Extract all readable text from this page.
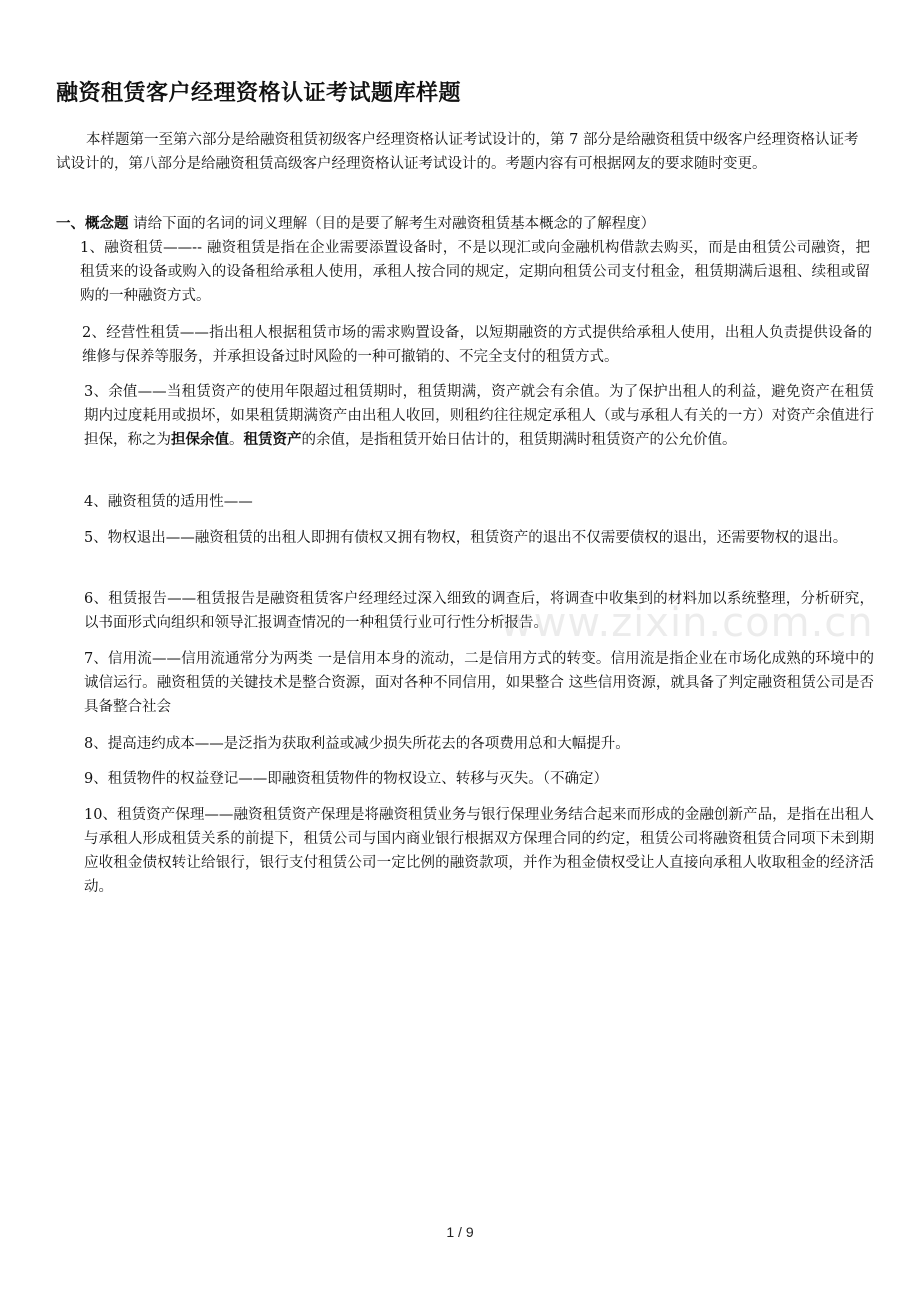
融资租赁客户经理资格认证考试题库样题

本样题第一至第六部分是给融资租赁初级客户经理资格认证考试设计的，第 7 部分是给融资租赁中级客户经理资格认证考试设计的，第八部分是给融资租赁高级客户经理资格认证考试设计的。考题内容有可根据网友的要求随时变更。

一、概念题 请给下面的名词的词义理解（目的是要了解考生对融资租赁基本概念的了解程度）

1、融资租赁——-- 融资租赁是指在企业需要添置设备时，不是以现汇或向金融机构借款去购买，而是由租赁公司融资，把租赁来的设备或购入的设备租给承租人使用，承租人按合同的规定，定期向租赁公司支付租金，租赁期满后退租、续租或留购的一种融资方式。

2、经营性租赁——指出租人根据租赁市场的需求购置设备，以短期融资的方式提供给承租人使用，出租人负责提供设备的维修与保养等服务，并承担设备过时风险的一种可撤销的、不完全支付的租赁方式。

3、余值——当租赁资产的使用年限超过租赁期时，租赁期满，资产就会有余值。为了保护出租人的利益，避免资产在租赁期内过度耗用或损坏，如果租赁期满资产由出租人收回，则租约往往规定承租人（或与承租人有关的一方）对资产余值进行担保，称之为担保余值。租赁资产的余值，是指租赁开始日估计的，租赁期满时租赁资产的公允价值。

4、融资租赁的适用性——

5、物权退出——融资租赁的出租人即拥有债权又拥有物权，租赁资产的退出不仅需要债权的退出，还需要物权的退出。

6、租赁报告——租赁报告是融资租赁客户经理经过深入细致的调查后，将调查中收集到的材料加以系统整理，分析研究，以书面形式向组织和领导汇报调查情况的一种租赁行业可行性分析报告。

7、信用流——信用流通常分为两类 一是信用本身的流动，二是信用方式的转变。信用流是指企业在市场化成熟的环境中的诚信运行。融资租赁的关键技术是整合资源，面对各种不同信用，如果整合 这些信用资源，就具备了判定融资租赁公司是否具备整合社会

8、提高违约成本——是泛指为获取利益或减少损失所花去的各项费用总和大幅提升。

9、租赁物件的权益登记——即融资租赁物件的物权设立、转移与灭失。（不确定）

10、租赁资产保理——融资租赁资产保理是将融资租赁业务与银行保理业务结合起来而形成的金融创新产品，是指在出租人与承租人形成租赁关系的前提下，租赁公司与国内商业银行根据双方保理合同的约定，租赁公司将融资租赁合同项下未到期应收租金债权转让给银行，银行支付租赁公司一定比例的融资款项，并作为租金债权受让人直接向承租人收取租金的经济活动。

www.zixin.com.cn
1 / 9
